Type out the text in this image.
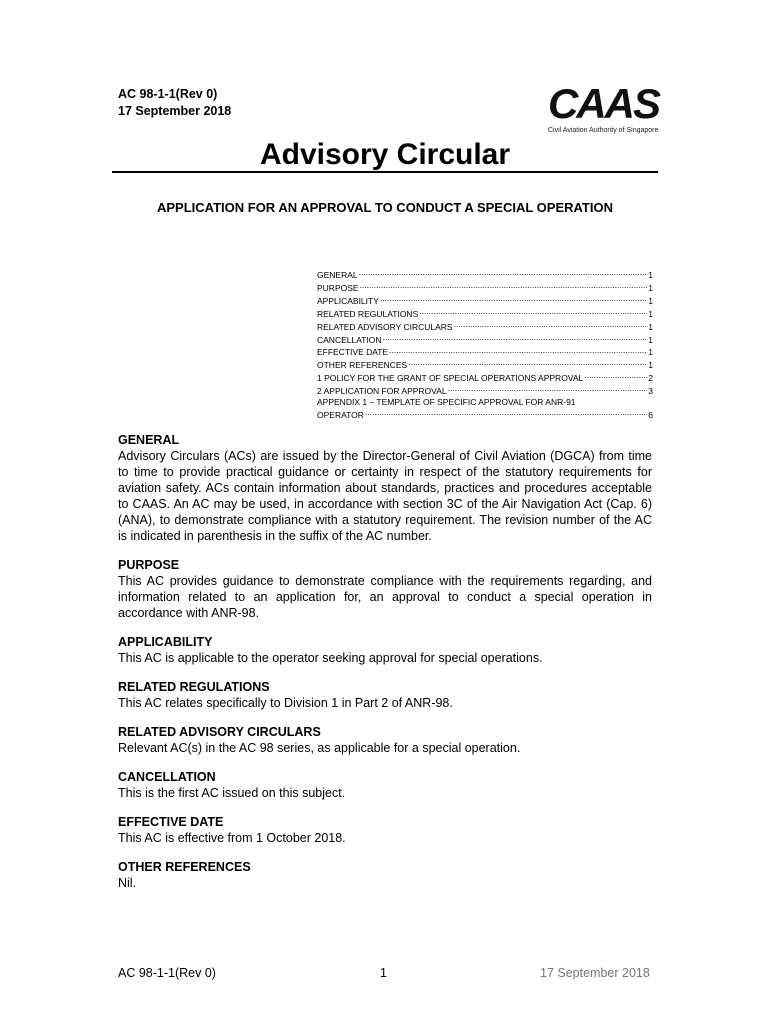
AC 98-1-1(Rev 0)
17 September 2018	CAAS
Civil Aviation Authority of Singapore
Advisory Circular
APPLICATION FOR AN APPROVAL TO CONDUCT A SPECIAL OPERATION
GENERAL .....	1
PURPOSE .....	1
APPLICABILITY .....	1
RELATED REGULATIONS .....	1
RELATED ADVISORY CIRCULARS .....	1
CANCELLATION .....	1
EFFECTIVE DATE .....	1
OTHER REFERENCES .....	1
1 POLICY FOR THE GRANT OF SPECIAL OPERATIONS APPROVAL .....	2
2 APPLICATION FOR APPROVAL .....	3
APPENDIX 1 – TEMPLATE OF SPECIFIC APPROVAL FOR ANR-91
OPERATOR .....	6

GENERAL

Advisory Circulars (ACs) are issued by the Director-General of Civil Aviation (DGCA) from time to time to provide practical guidance or certainty in respect of the statutory requirements for aviation safety. ACs contain information about standards, practices and procedures acceptable to CAAS. An AC may be used, in accordance with section 3C of the Air Navigation Act (Cap. 6) (ANA), to demonstrate compliance with a statutory requirement. The revision number of the AC is indicated in parenthesis in the suffix of the AC number.

PURPOSE

This AC provides guidance to demonstrate compliance with the requirements regarding, and information related to an application for, an approval to conduct a special operation in accordance with ANR-98.

APPLICABILITY

This AC is applicable to the operator seeking approval for special operations.

RELATED REGULATIONS

This AC relates specifically to Division 1 in Part 2 of ANR-98.

RELATED ADVISORY CIRCULARS

Relevant AC(s) in the AC 98 series, as applicable for a special operation.

CANCELLATION

This is the first AC issued on this subject.

EFFECTIVE DATE

This AC is effective from 1 October 2018.

OTHER REFERENCES

Nil.

AC 98-1-1(Rev 0)	1	17 September 2018
